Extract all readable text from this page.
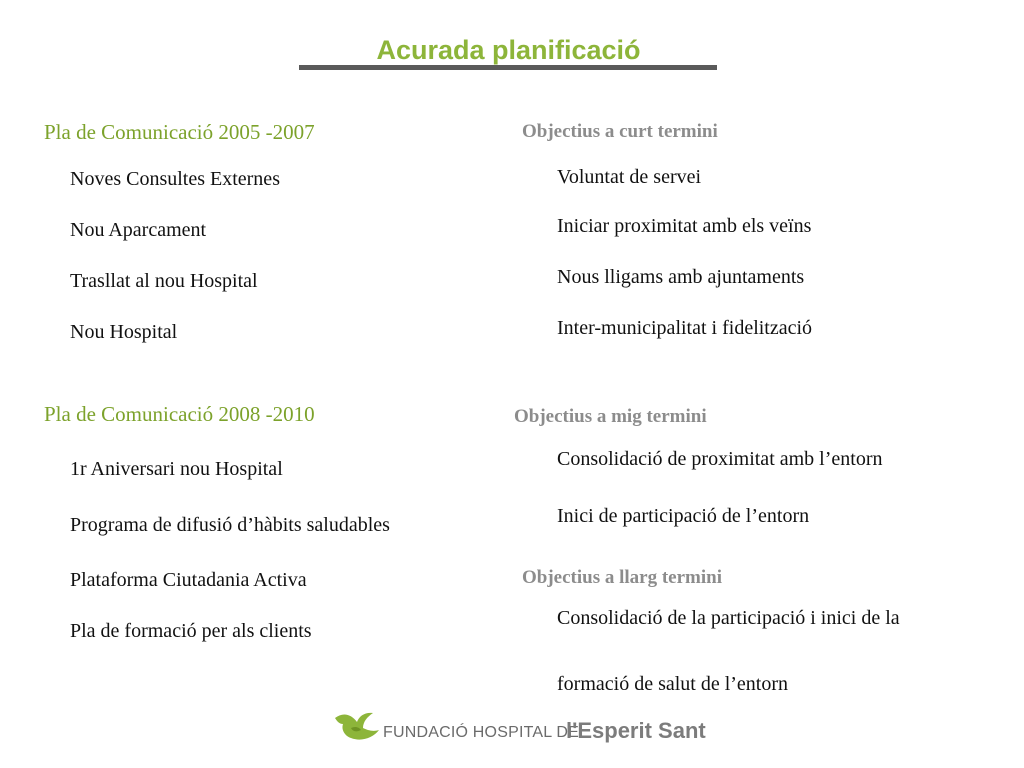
Acurada planificació

Pla de Comunicació 2005 -2007

Noves Consultes Externes

Nou Aparcament

Trasllat al nou Hospital

Nou Hospital

Pla de Comunicació 2008 -2010

1r Aniversari nou Hospital

Programa de difusió d’hàbits saludables

Plataforma Ciutadania Activa

Pla de formació per als clients

Objectius a curt termini

Voluntat de servei

Iniciar proximitat amb els veïns

Nous lligams amb ajuntaments

Inter-municipalitat i fidelització

Objectius a mig termini

Consolidació de proximitat amb l’entorn

Inici de participació de l’entorn

Objectius a llarg termini

Consolidació de la participació i inici de la

formació de salut de l’entorn

FUNDACIÓ HOSPITAL DE
l'Esperit Sant
